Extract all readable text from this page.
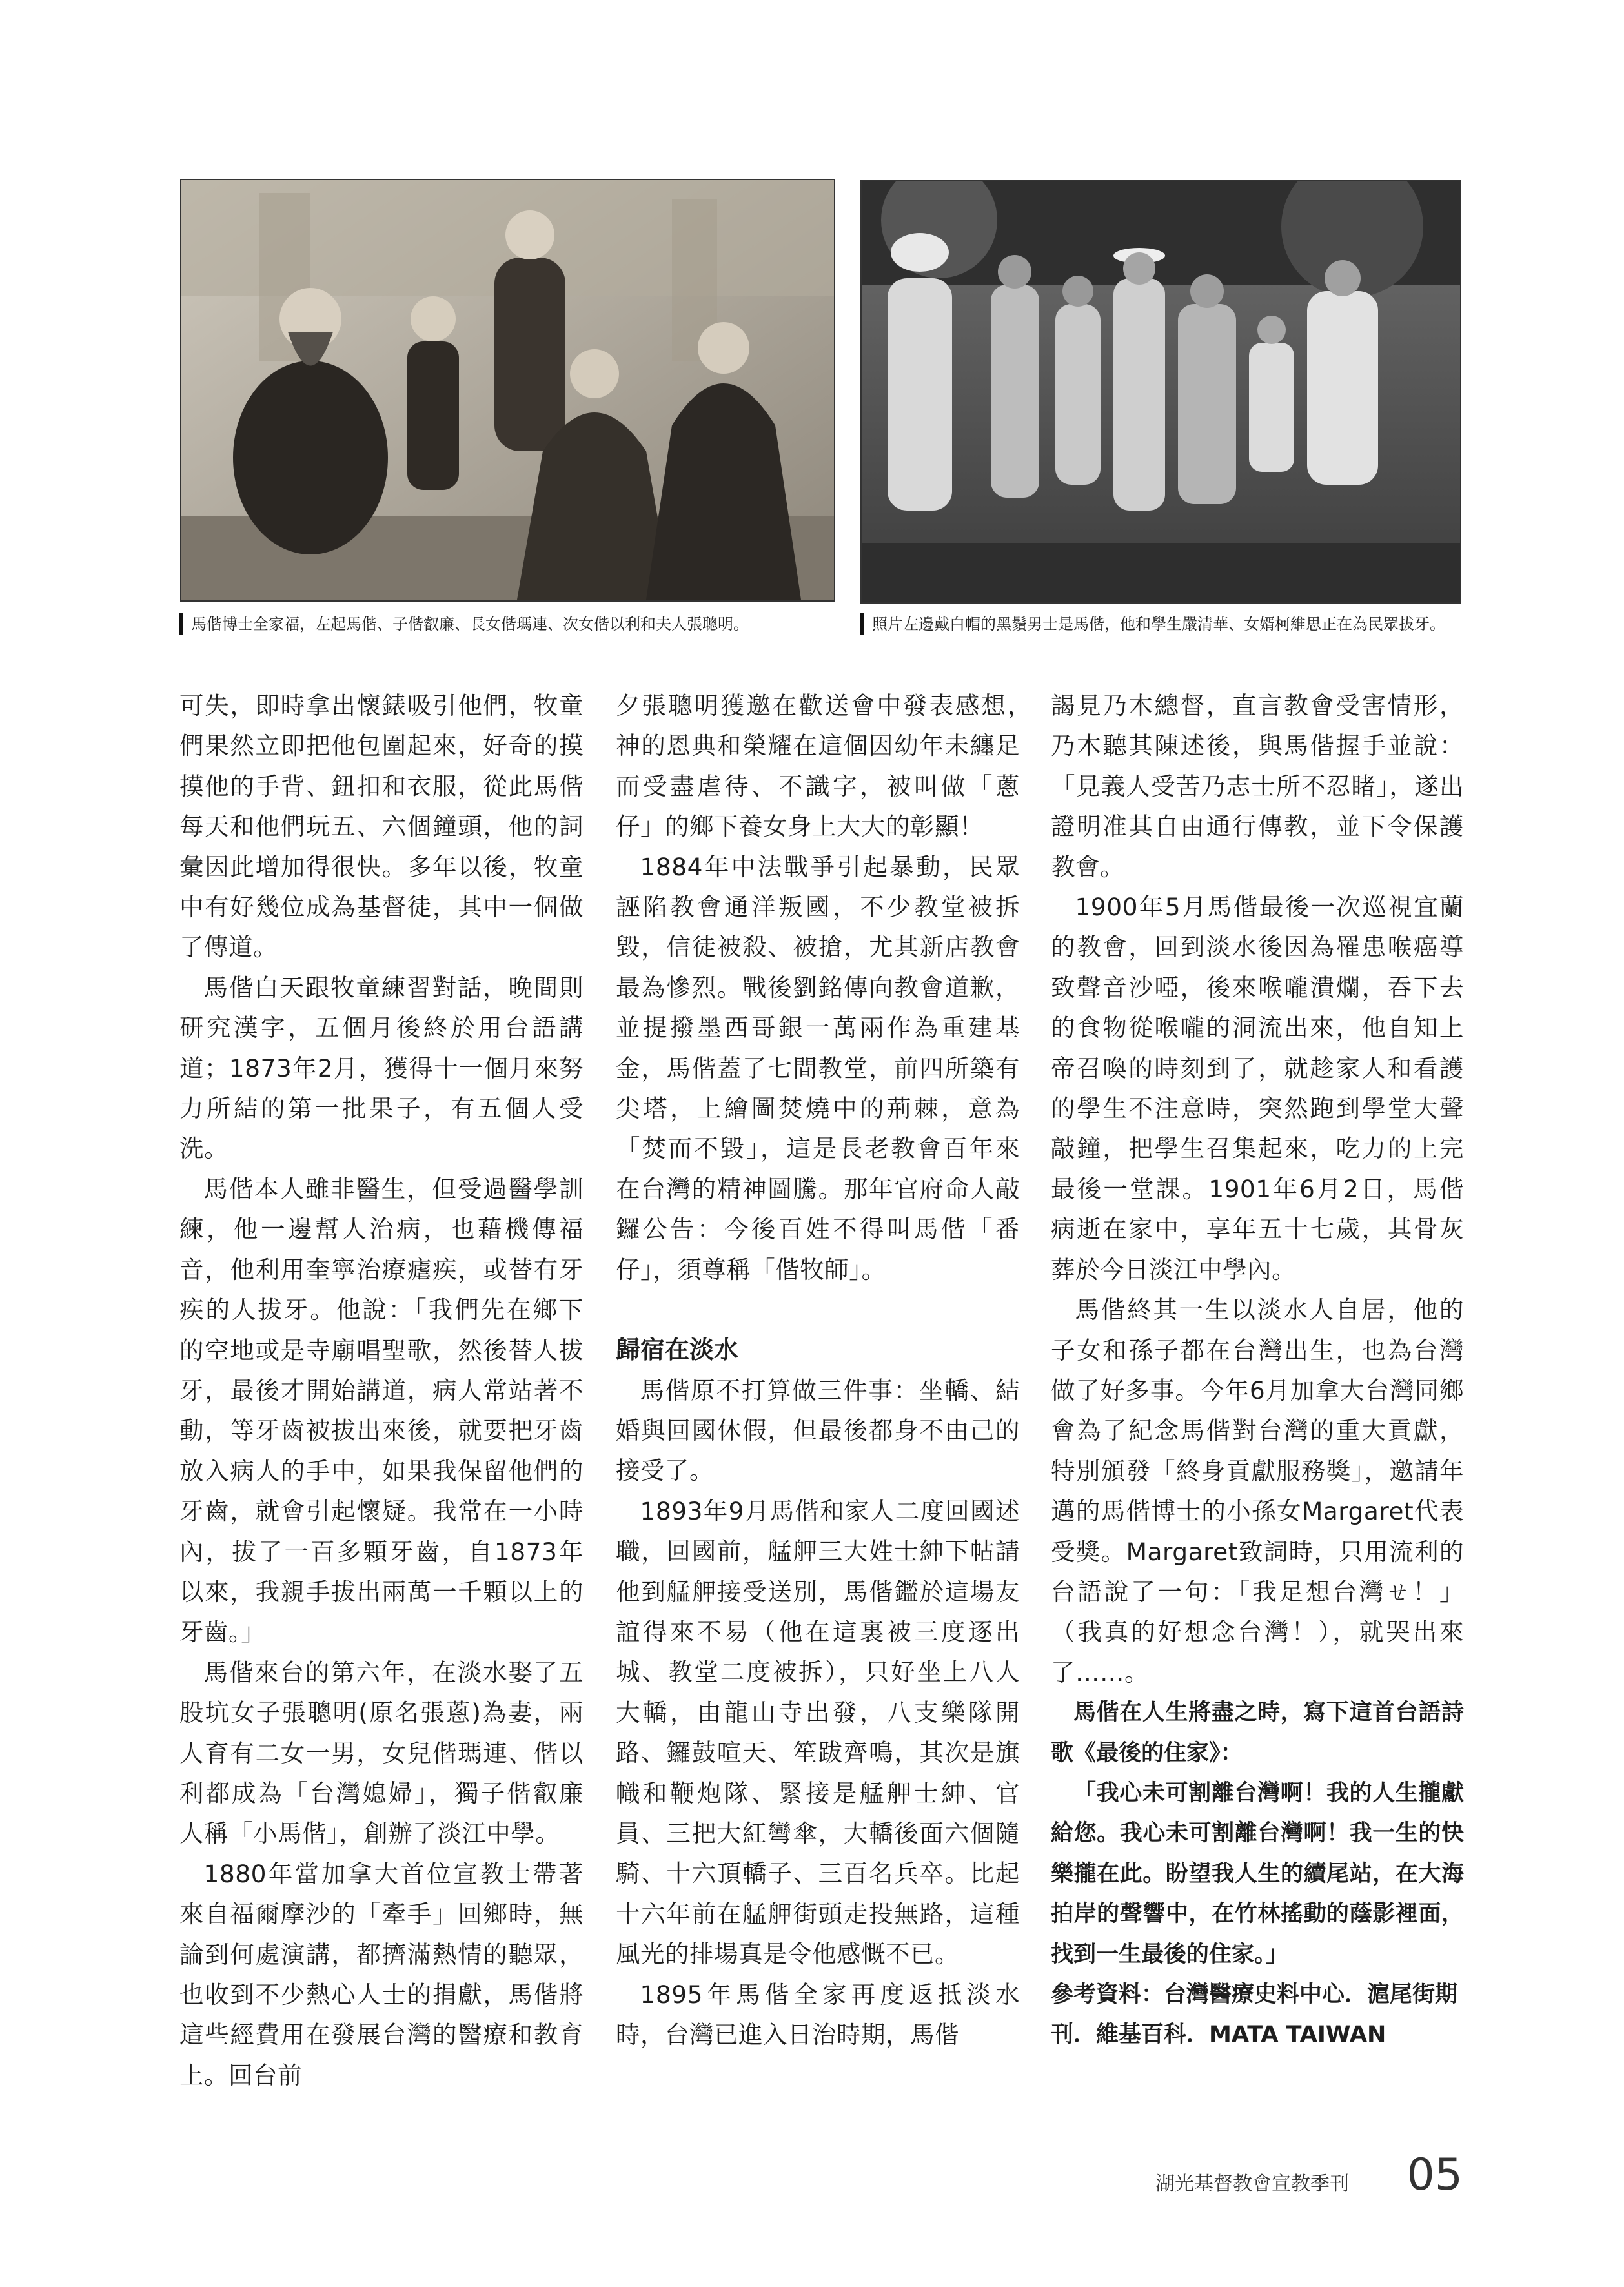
馬偕博士全家福，左起馬偕、子偕叡廉、長女偕瑪連、次女偕以利和夫人張聰明。	照片左邊戴白帽的黑鬚男士是馬偕，他和學生嚴清華、女婿柯維思正在為民眾拔牙。

可失，即時拿出懷錶吸引他們，牧童們果然立即把他包圍起來，好奇的摸摸他的手背、鈕扣和衣服，從此馬偕每天和他們玩五、六個鐘頭，他的詞彙因此增加得很快。多年以後，牧童中有好幾位成為基督徒，其中一個做了傳道。

馬偕白天跟牧童練習對話，晚間則研究漢字，五個月後終於用台語講道；1873年2月，獲得十一個月來努力所結的第一批果子，有五個人受洗。

馬偕本人雖非醫生，但受過醫學訓練，他一邊幫人治病，也藉機傳福音，他利用奎寧治療瘧疾，或替有牙疾的人拔牙。他說：「我們先在鄉下的空地或是寺廟唱聖歌，然後替人拔牙，最後才開始講道，病人常站著不動，等牙齒被拔出來後，就要把牙齒放入病人的手中，如果我保留他們的牙齒，就會引起懷疑。我常在一小時內，拔了一百多顆牙齒，自1873年以來，我親手拔出兩萬一千顆以上的牙齒。」

馬偕來台的第六年，在淡水娶了五股坑女子張聰明(原名張蔥)為妻，兩人育有二女一男，女兒偕瑪連、偕以利都成為「台灣媳婦」，獨子偕叡廉人稱「小馬偕」，創辦了淡江中學。

1880年當加拿大首位宣教士帶著來自福爾摩沙的「牽手」回鄉時，無論到何處演講，都擠滿熱情的聽眾，也收到不少熱心人士的捐獻，馬偕將這些經費用在發展台灣的醫療和教育上。回台前

夕張聰明獲邀在歡送會中發表感想，　神的恩典和榮耀在這個因幼年未纏足而受盡虐待、不識字，被叫做「蔥仔」的鄉下養女身上大大的彰顯！

1884年中法戰爭引起暴動，民眾誣陷教會通洋叛國，不少教堂被拆毀，信徒被殺、被搶，尤其新店教會最為慘烈。戰後劉銘傳向教會道歉，並提撥墨西哥銀一萬兩作為重建基金，馬偕蓋了七間教堂，前四所築有尖塔，上繪圖焚燒中的荊棘，意為「焚而不毀」，這是長老教會百年來在台灣的精神圖騰。那年官府命人敲鑼公告：今後百姓不得叫馬偕「番仔」，須尊稱「偕牧師」。

歸宿在淡水

馬偕原不打算做三件事：坐轎、結婚與回國休假，但最後都身不由己的接受了。

1893年9月馬偕和家人二度回國述職，回國前，艋舺三大姓士紳下帖請他到艋舺接受送別，馬偕鑑於這場友誼得來不易（他在這裏被三度逐出城、教堂二度被拆），只好坐上八人大轎，由龍山寺出發，八支樂隊開路、鑼鼓喧天、笙跋齊鳴，其次是旗幟和鞭炮隊、緊接是艋舺士紳、官員、三把大紅彎傘，大轎後面六個隨騎、十六頂轎子、三百名兵卒。比起十六年前在艋舺街頭走投無路，這種風光的排場真是令他感慨不已。

1895年馬偕全家再度返抵淡水時，台灣已進入日治時期，馬偕

謁見乃木總督，直言教會受害情形，乃木聽其陳述後，與馬偕握手並說：「見義人受苦乃志士所不忍睹」，遂出證明准其自由通行傳教，並下令保護教會。

1900年5月馬偕最後一次巡視宜蘭的教會，回到淡水後因為罹患喉癌導致聲音沙啞，後來喉嚨潰爛，吞下去的食物從喉嚨的洞流出來，他自知上帝召喚的時刻到了，就趁家人和看護的學生不注意時，突然跑到學堂大聲敲鐘，把學生召集起來，吃力的上完最後一堂課。1901年6月2日，馬偕病逝在家中，享年五十七歲，其骨灰葬於今日淡江中學內。

馬偕終其一生以淡水人自居，他的子女和孫子都在台灣出生，也為台灣做了好多事。今年6月加拿大台灣同鄉會為了紀念馬偕對台灣的重大貢獻，特別頒發「終身貢獻服務獎」，邀請年邁的馬偕博士的小孫女Margaret代表受獎。Margaret致詞時，只用流利的台語說了一句：「我足想台灣ㄝ！」（我真的好想念台灣！），就哭出來了……。

馬偕在人生將盡之時，寫下這首台語詩歌《最後的住家》：

「我心未可割離台灣啊！我的人生攏獻給您。我心未可割離台灣啊！我一生的快樂攏在此。盼望我人生的續尾站，在大海拍岸的聲響中，在竹林搖動的蔭影裡面，找到一生最後的住家。」

參考資料：台灣醫療史料中心．滬尾街期刊．維基百科．MATA TAIWAN

湖光基督教會宣教季刊 05
